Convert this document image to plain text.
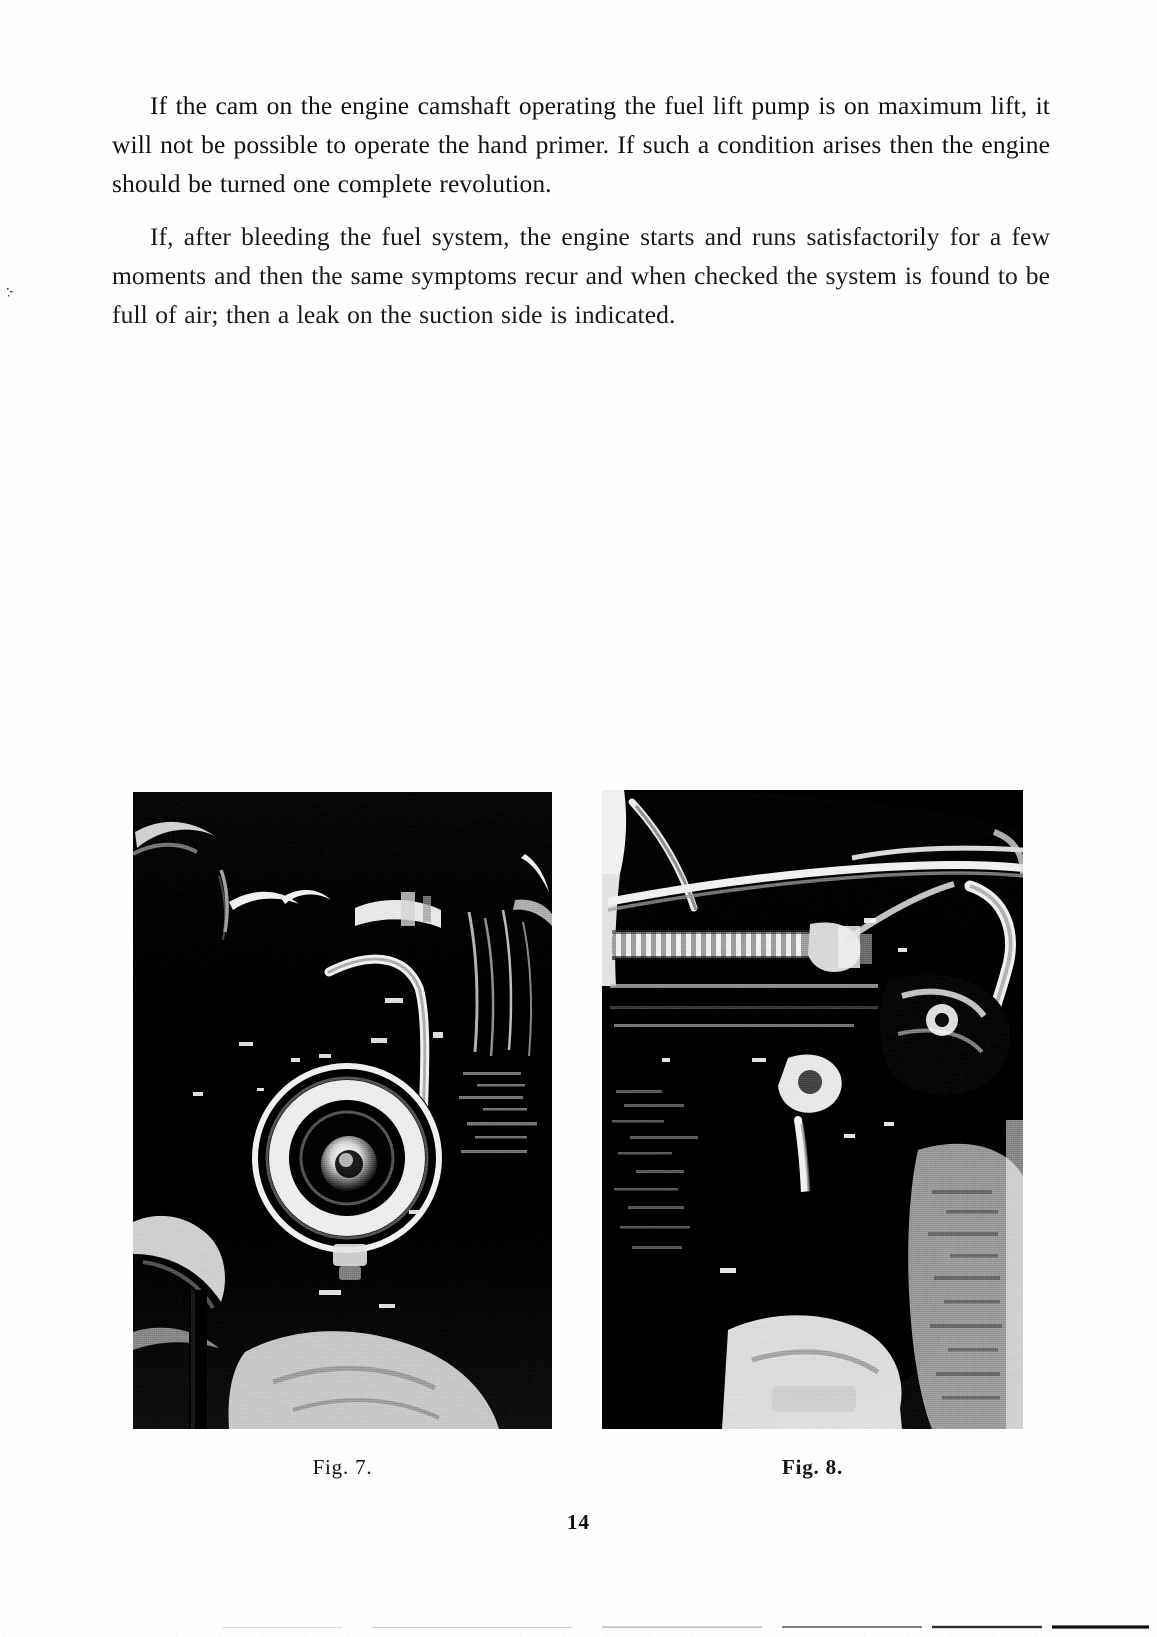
If the cam on the engine camshaft operating the fuel lift pump is on maximum lift, it will not be possible to operate the hand primer. If such a condition arises then the engine should be turned one complete revolution.

If, after bleeding the fuel system, the engine starts and runs satisfactorily for a few moments and then the same symptoms recur and when checked the system is found to be full of air; then a leak on the suction side is indicated.

Fig. 7.	Fig. 8.
14
